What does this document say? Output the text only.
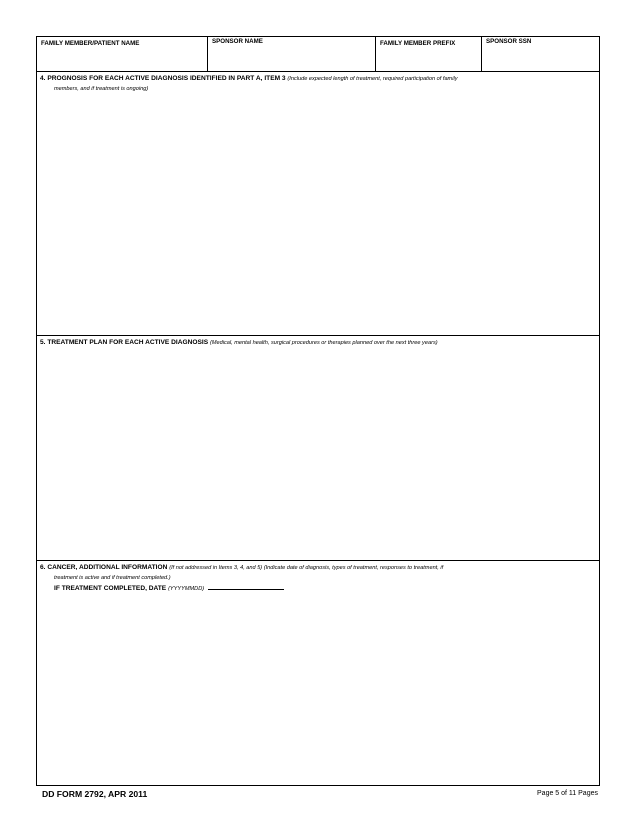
FAMILY MEMBER/PATIENT NAME	SPONSOR NAME	FAMILY MEMBER PREFIX	SPONSOR SSN
4. PROGNOSIS FOR EACH ACTIVE DIAGNOSIS IDENTIFIED IN PART A, ITEM 3 (Include expected length of treatment, required participation of family
members, and if treatment is ongoing)
5. TREATMENT PLAN FOR EACH ACTIVE DIAGNOSIS (Medical, mental health, surgical procedures or therapies planned over the next three years)
6. CANCER, ADDITIONAL INFORMATION (If not addressed in Items 3, 4, and 5) (Indicate date of diagnosis, types of treatment, responses to treatment, if
treatment is active and if treatment completed.)
IF TREATMENT COMPLETED, DATE (YYYYMMDD)
DD FORM 2792, APR 2011	Page 5 of 11 Pages
